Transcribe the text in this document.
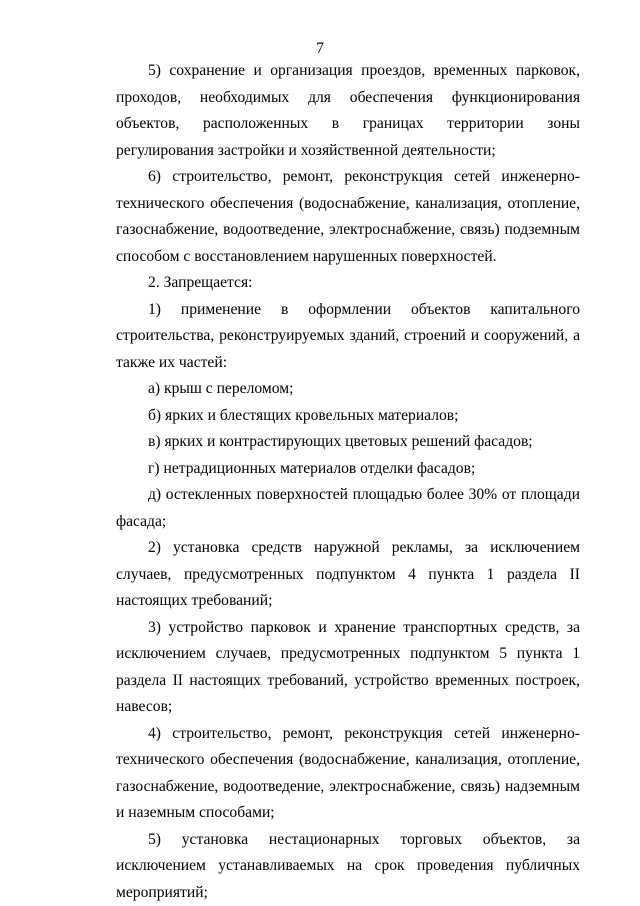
7

5) сохранение и организация проездов, временных парковок, проходов, необходимых для обеспечения функционирования объектов, расположенных в границах территории зоны регулирования застройки и хозяйственной деятельности;

6) строительство, ремонт, реконструкция сетей инженерно-технического обеспечения (водоснабжение, канализация, отопление, газоснабжение, водоотведение, электроснабжение, связь) подземным способом с восстановлением нарушенных поверхностей.

2. Запрещается:

1) применение в оформлении объектов капитального строительства, реконструируемых зданий, строений и сооружений, а также их частей:

а) крыш с переломом;

б) ярких и блестящих кровельных материалов;

в) ярких и контрастирующих цветовых решений фасадов;

г) нетрадиционных материалов отделки фасадов;

д) остекленных поверхностей площадью более 30% от площади фасада;

2) установка средств наружной рекламы, за исключением случаев, предусмотренных подпунктом 4 пункта 1 раздела II настоящих требований;

3) устройство парковок и хранение транспортных средств, за исключением случаев, предусмотренных подпунктом 5 пункта 1 раздела II настоящих требований, устройство временных построек, навесов;

4) строительство, ремонт, реконструкция сетей инженерно-технического обеспечения (водоснабжение, канализация, отопление, газоснабжение, водоотведение, электроснабжение, связь) надземным и наземным способами;

5) установка нестационарных торговых объектов, за исключением устанавливаемых на срок проведения публичных мероприятий;
